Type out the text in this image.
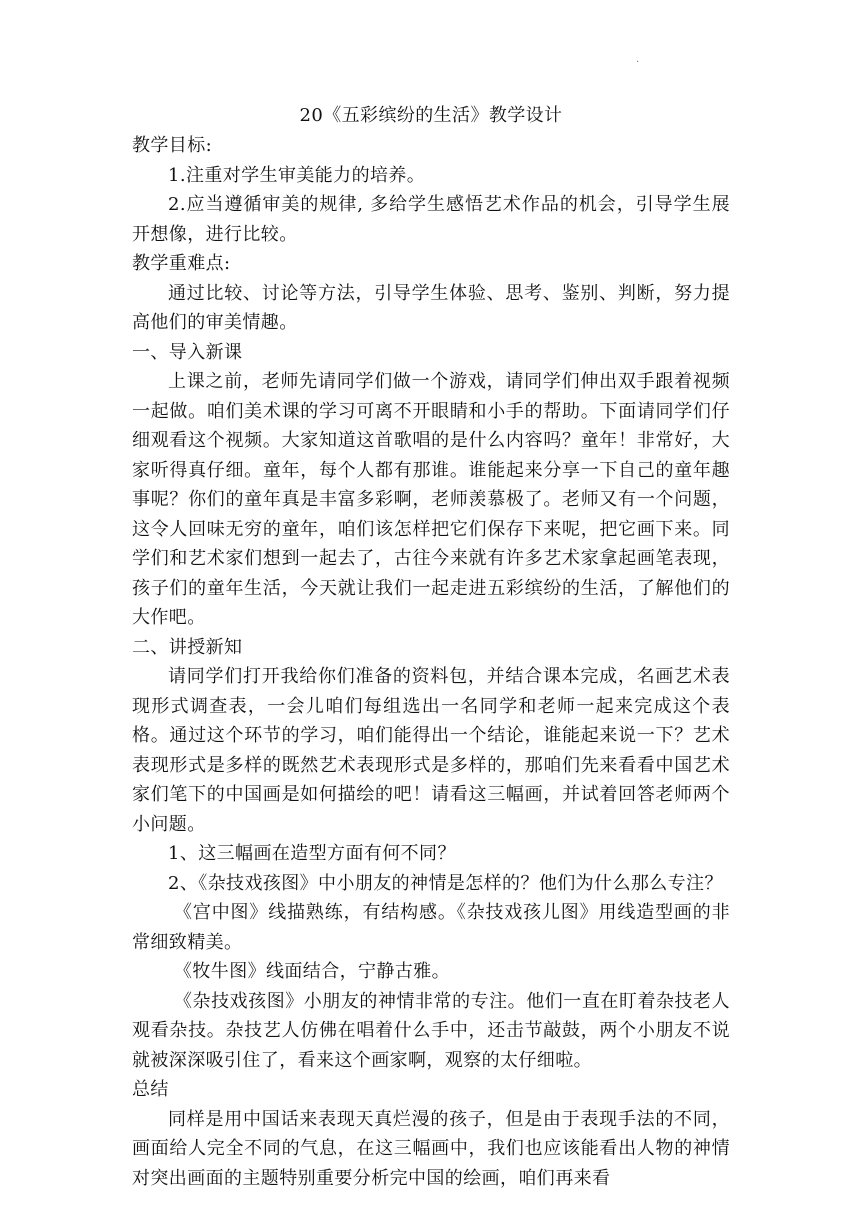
·
20《五彩缤纷的生活》教学设计
教学目标:

1.注重对学生审美能力的培养。

2.应当遵循审美的规律, 多给学生感悟艺术作品的机会，引导学生展开想像，进行比较。

教学重难点:

通过比较、讨论等方法，引导学生体验、思考、鉴别、判断，努力提高他们的审美情趣。

一、导入新课

上课之前，老师先请同学们做一个游戏，请同学们伸出双手跟着视频一起做。咱们美术课的学习可离不开眼睛和小手的帮助。下面请同学们仔细观看这个视频。大家知道这首歌唱的是什么内容吗？童年！非常好，大家听得真仔细。童年，每个人都有那谁。谁能起来分享一下自己的童年趣事呢？你们的童年真是丰富多彩啊，老师羡慕极了。老师又有一个问题，这令人回味无穷的童年，咱们该怎样把它们保存下来呢，把它画下来。同学们和艺术家们想到一起去了，古往今来就有许多艺术家拿起画笔表现，孩子们的童年生活，今天就让我们一起走进五彩缤纷的生活，了解他们的大作吧。

二、讲授新知

请同学们打开我给你们准备的资料包，并结合课本完成，名画艺术表现形式调查表，一会儿咱们每组选出一名同学和老师一起来完成这个表格。通过这个环节的学习，咱们能得出一个结论，谁能起来说一下？艺术表现形式是多样的既然艺术表现形式是多样的，那咱们先来看看中国艺术家们笔下的中国画是如何描绘的吧！请看这三幅画，并试着回答老师两个小问题。

1、这三幅画在造型方面有何不同？

2、《杂技戏孩图》中小朋友的神情是怎样的？他们为什么那么专注？

《宫中图》线描熟练，有结构感。《杂技戏孩儿图》用线造型画的非常细致精美。

《牧牛图》线面结合，宁静古雅。

《杂技戏孩图》小朋友的神情非常的专注。他们一直在盯着杂技老人观看杂技。杂技艺人仿佛在唱着什么手中，还击节敲鼓，两个小朋友不说就被深深吸引住了，看来这个画家啊，观察的太仔细啦。

总结

同样是用中国话来表现天真烂漫的孩子，但是由于表现手法的不同，画面给人完全不同的气息，在这三幅画中，我们也应该能看出人物的神情对突出画面的主题特别重要分析完中国的绘画，咱们再来看
